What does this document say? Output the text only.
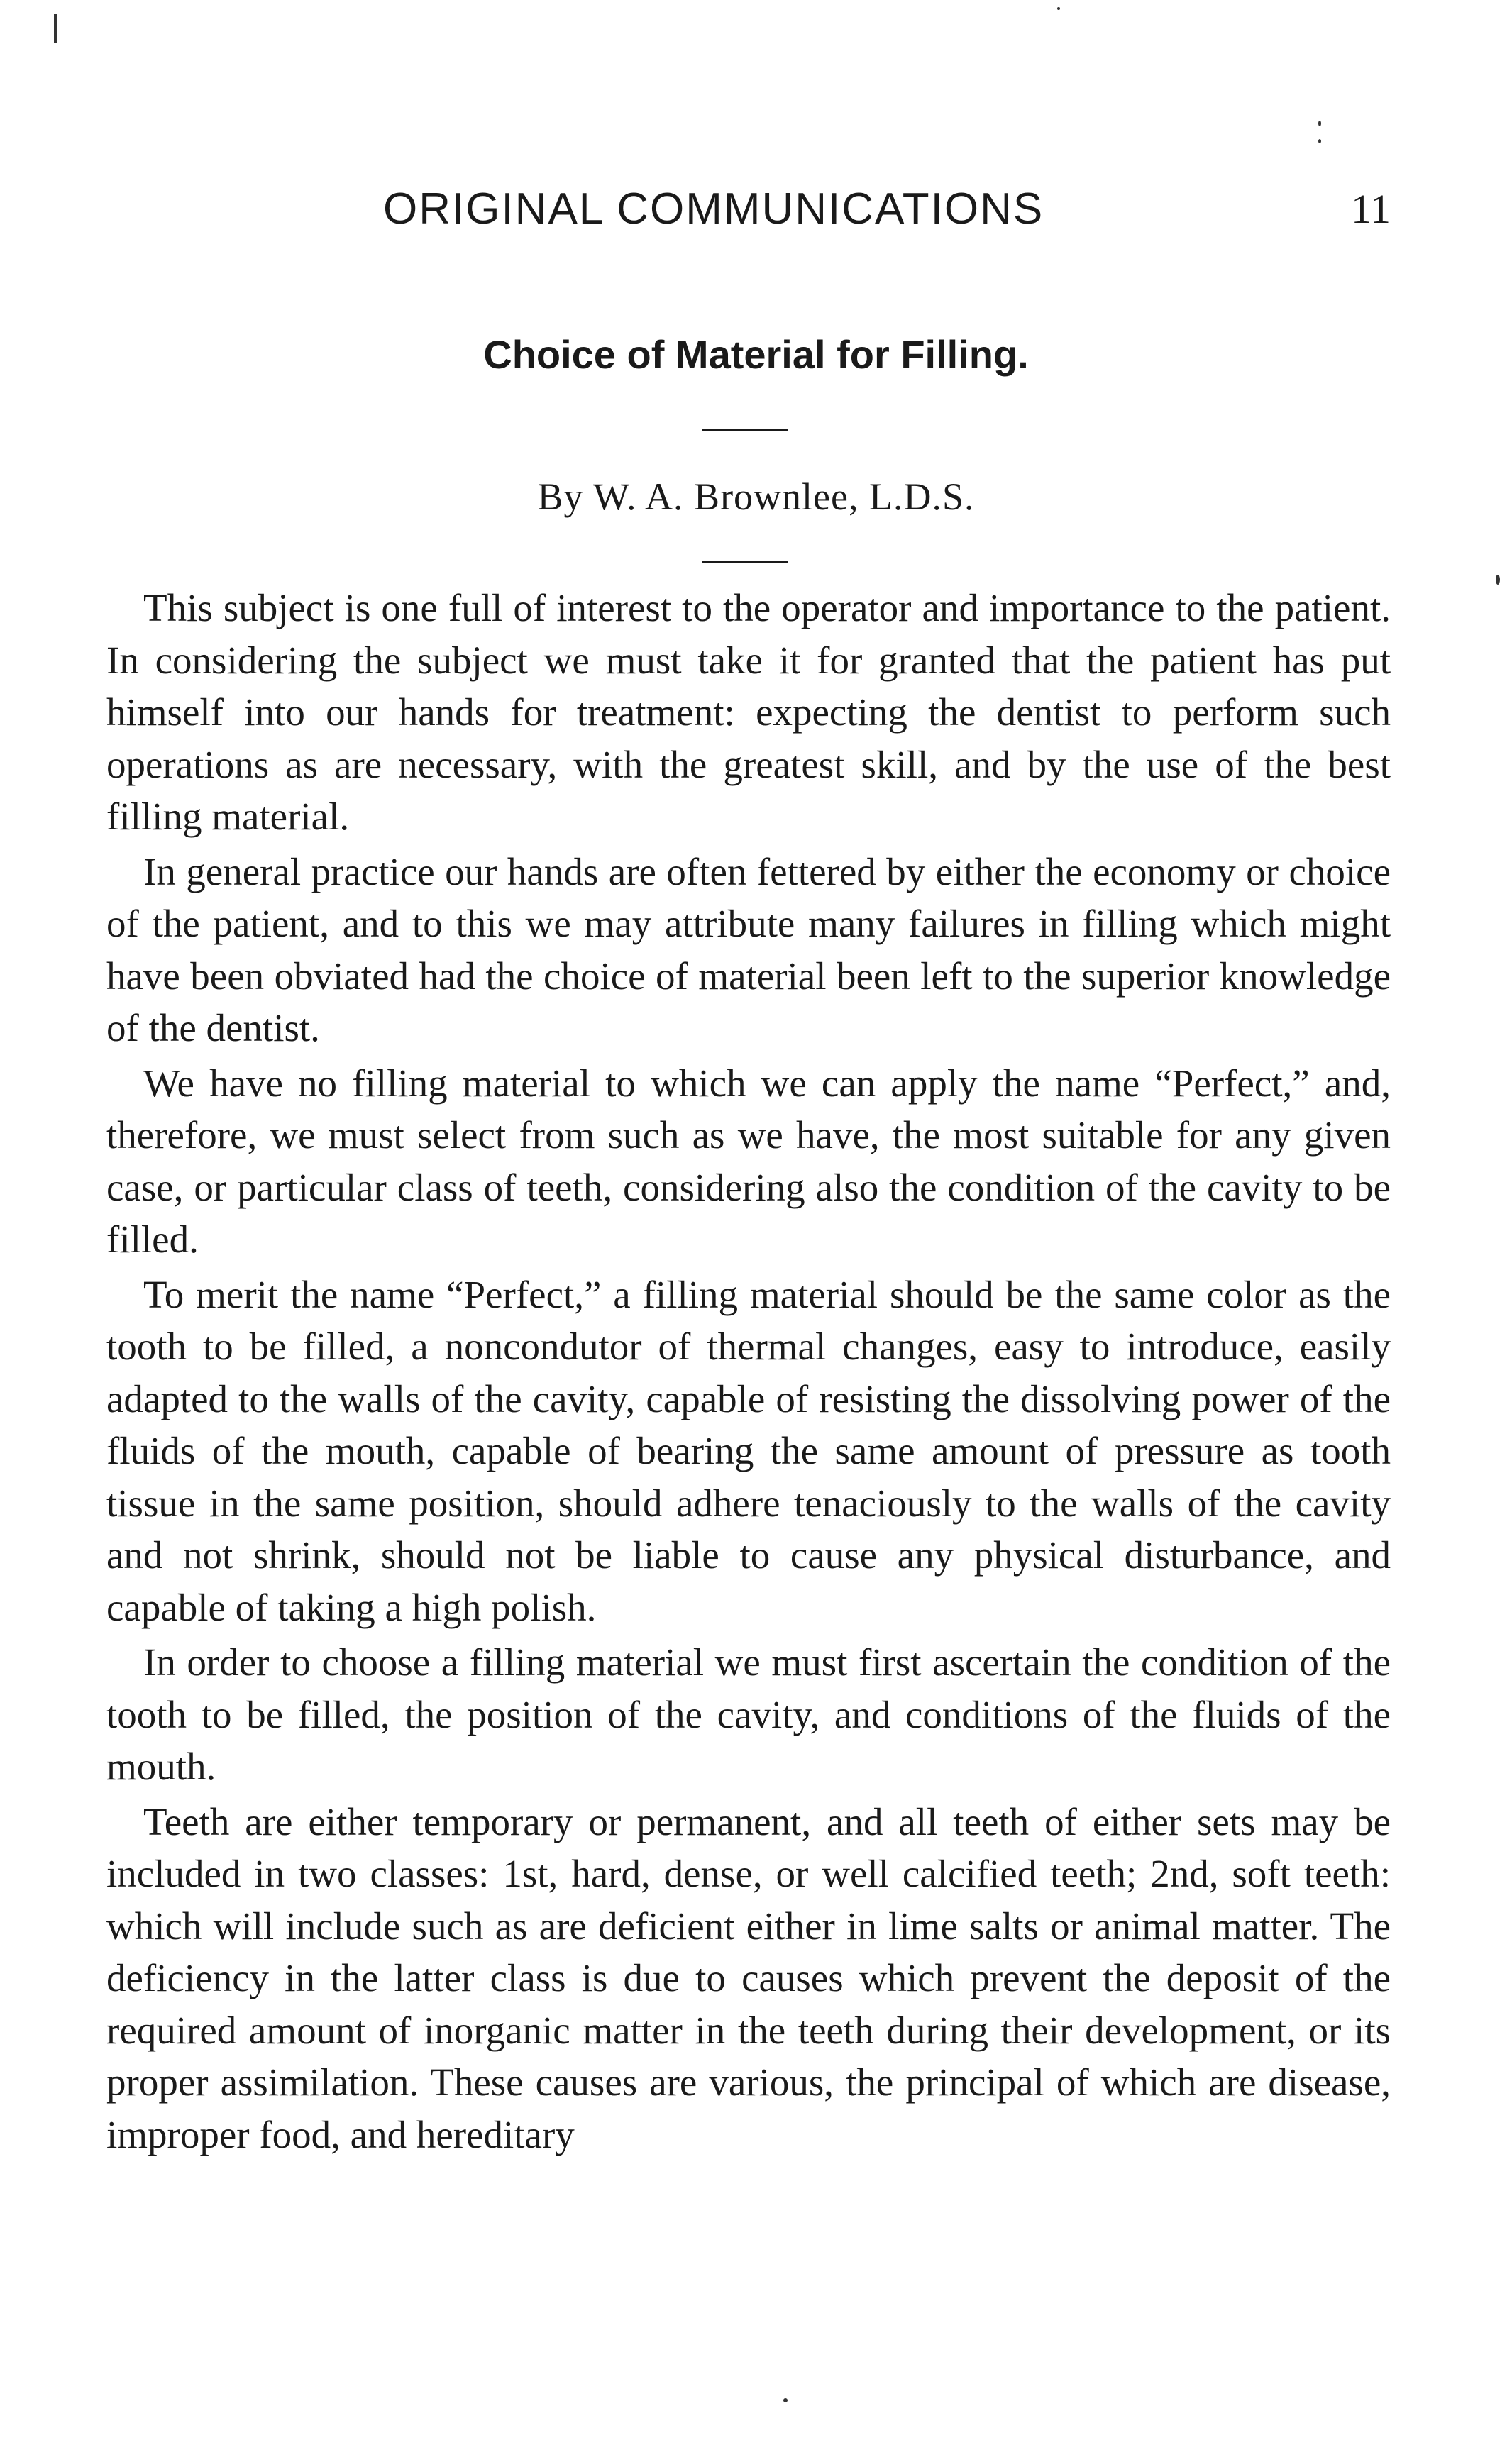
ORIGINAL COMMUNICATIONS	11
Choice of Material for Filling.
By W. A. Brownlee, L.D.S.

This subject is one full of interest to the operator and importance to the patient. In considering the subject we must take it for granted that the patient has put himself into our hands for treatment: expecting the dentist to perform such operations as are necessary, with the greatest skill, and by the use of the best filling material.

In general practice our hands are often fettered by either the economy or choice of the patient, and to this we may attribute many failures in filling which might have been obviated had the choice of material been left to the superior knowledge of the dentist.

We have no filling material to which we can apply the name “Perfect,” and, therefore, we must select from such as we have, the most suitable for any given case, or particular class of teeth, considering also the condition of the cavity to be filled.

To merit the name “Perfect,” a filling material should be the same color as the tooth to be filled, a noncondutor of thermal changes, easy to introduce, easily adapted to the walls of the cavity, capable of resisting the dissolving power of the fluids of the mouth, capable of bearing the same amount of pressure as tooth tissue in the same position, should adhere tenaciously to the walls of the cavity and not shrink, should not be liable to cause any physical disturbance, and capable of taking a high polish.

In order to choose a filling material we must first ascertain the condition of the tooth to be filled, the position of the cavity, and conditions of the fluids of the mouth.

Teeth are either temporary or permanent, and all teeth of either sets may be included in two classes: 1st, hard, dense, or well calcified teeth; 2nd, soft teeth: which will include such as are deficient either in lime salts or animal matter. The deficiency in the latter class is due to causes which prevent the deposit of the required amount of inorganic matter in the teeth during their development, or its proper assimilation. These causes are various, the principal of which are disease, improper food, and hereditary
